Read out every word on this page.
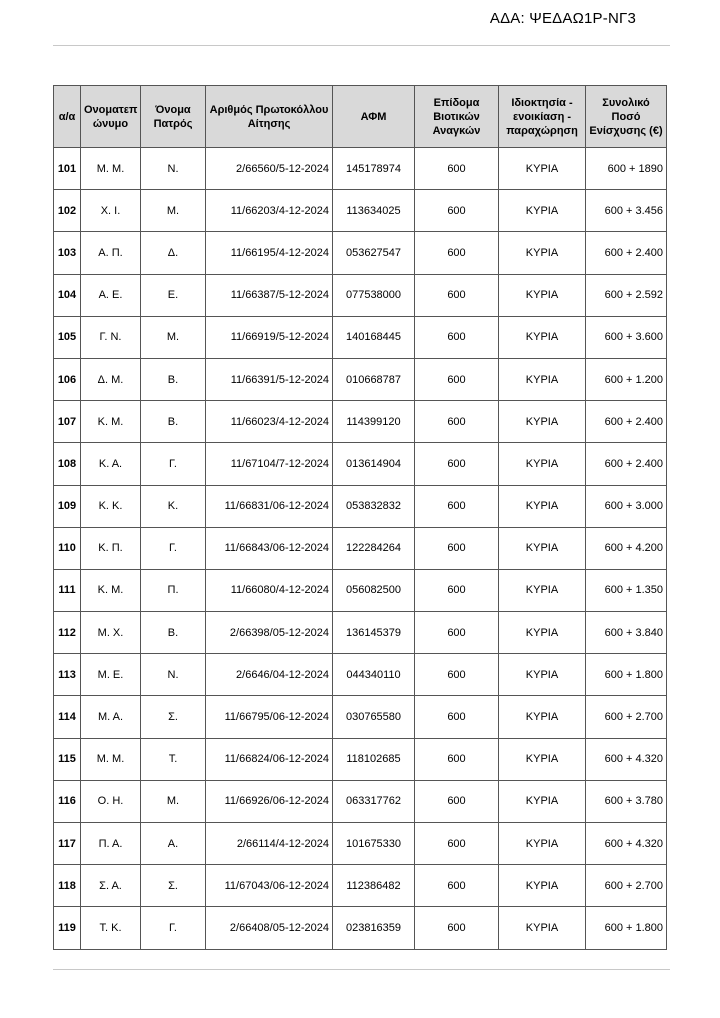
ΑΔΑ: ΨΕΔΑΩ1Ρ-ΝΓ3
α/α	Ονοματεπ ώνυμο	Όνομα Πατρός	Αριθμός Πρωτοκόλλου Αίτησης	ΑΦΜ	Επίδομα Βιοτικών Αναγκών	Ιδιοκτησία - ενοικίαση - παραχώρηση	Συνολικό Ποσό Ενίσχυσης (€)
101	Μ. Μ.	Ν.	2/66560/5-12-2024	145178974	600	ΚΥΡΙΑ	600 + 1890
102	Χ. Ι.	Μ.	11/66203/4-12-2024	113634025	600	ΚΥΡΙΑ	600 + 3.456
103	Α. Π.	Δ.	11/66195/4-12-2024	053627547	600	ΚΥΡΙΑ	600 + 2.400
104	Α. Ε.	Ε.	11/66387/5-12-2024	077538000	600	ΚΥΡΙΑ	600 + 2.592
105	Γ. Ν.	Μ.	11/66919/5-12-2024	140168445	600	ΚΥΡΙΑ	600 + 3.600
106	Δ. Μ.	Β.	11/66391/5-12-2024	010668787	600	ΚΥΡΙΑ	600 + 1.200
107	Κ. Μ.	Β.	11/66023/4-12-2024	114399120	600	ΚΥΡΙΑ	600 + 2.400
108	Κ. Α.	Γ.	11/67104/7-12-2024	013614904	600	ΚΥΡΙΑ	600 + 2.400
109	Κ. Κ.	Κ.	11/66831/06-12-2024	053832832	600	ΚΥΡΙΑ	600 + 3.000
110	Κ. Π.	Γ.	11/66843/06-12-2024	122284264	600	ΚΥΡΙΑ	600 + 4.200
111	Κ. Μ.	Π.	11/66080/4-12-2024	056082500	600	ΚΥΡΙΑ	600 + 1.350
112	Μ. Χ.	Β.	2/66398/05-12-2024	136145379	600	ΚΥΡΙΑ	600 + 3.840
113	Μ. Ε.	Ν.	2/6646/04-12-2024	044340110	600	ΚΥΡΙΑ	600 + 1.800
114	Μ. Α.	Σ.	11/66795/06-12-2024	030765580	600	ΚΥΡΙΑ	600 + 2.700
115	Μ. Μ.	Τ.	11/66824/06-12-2024	118102685	600	ΚΥΡΙΑ	600 + 4.320
116	Ο. Η.	Μ.	11/66926/06-12-2024	063317762	600	ΚΥΡΙΑ	600 + 3.780
117	Π. Α.	Α.	2/66114/4-12-2024	101675330	600	ΚΥΡΙΑ	600 + 4.320
118	Σ. Α.	Σ.	11/67043/06-12-2024	112386482	600	ΚΥΡΙΑ	600 + 2.700
119	Τ. Κ.	Γ.	2/66408/05-12-2024	023816359	600	ΚΥΡΙΑ	600 + 1.800
